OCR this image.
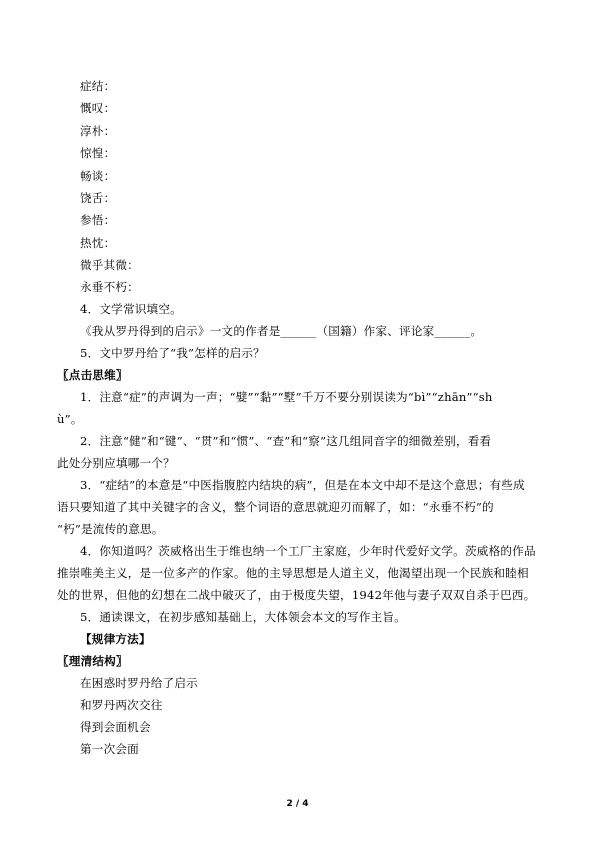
症结：
慨叹：
淳朴：
惊惶：
畅谈：
饶舌：
参悟：
热忱：
微乎其微：
永垂不朽：
4．文学常识填空。
《我从罗丹得到的启示》一文的作者是______（国籍）作家、评论家______。
5．文中罗丹给了“我”怎样的启示？
〖点击思维〗
1．注意“症”的声调为一声；“嬖”“黏”“墅”千万不要分别误读为“bì”“zhān”“sh
ù”。
2．注意“健”和“键”、“贯”和“惯”、“查”和“察”这几组同音字的细微差别，看看
此处分别应填哪一个？
3．“症结”的本意是“中医指腹腔内结块的病”，但是在本文中却不是这个意思；有些成
语只要知道了其中关键字的含义，整个词语的意思就迎刃而解了，如：“永垂不朽”的
“朽”是流传的意思。
4．你知道吗？茨威格出生于维也纳一个工厂主家庭，少年时代爱好文学。茨威格的作品
推崇唯美主义，是一位多产的作家。他的主导思想是人道主义，他渴望出现一个民族和睦相
处的世界，但他的幻想在二战中破灭了，由于极度失望，1942年他与妻子双双自杀于巴西。
5．通读课文，在初步感知基础上，大体领会本文的写作主旨。
【规律方法】
〖理清结构〗
在困惑时罗丹给了启示
和罗丹两次交往
得到会面机会
第一次会面
2 / 4
